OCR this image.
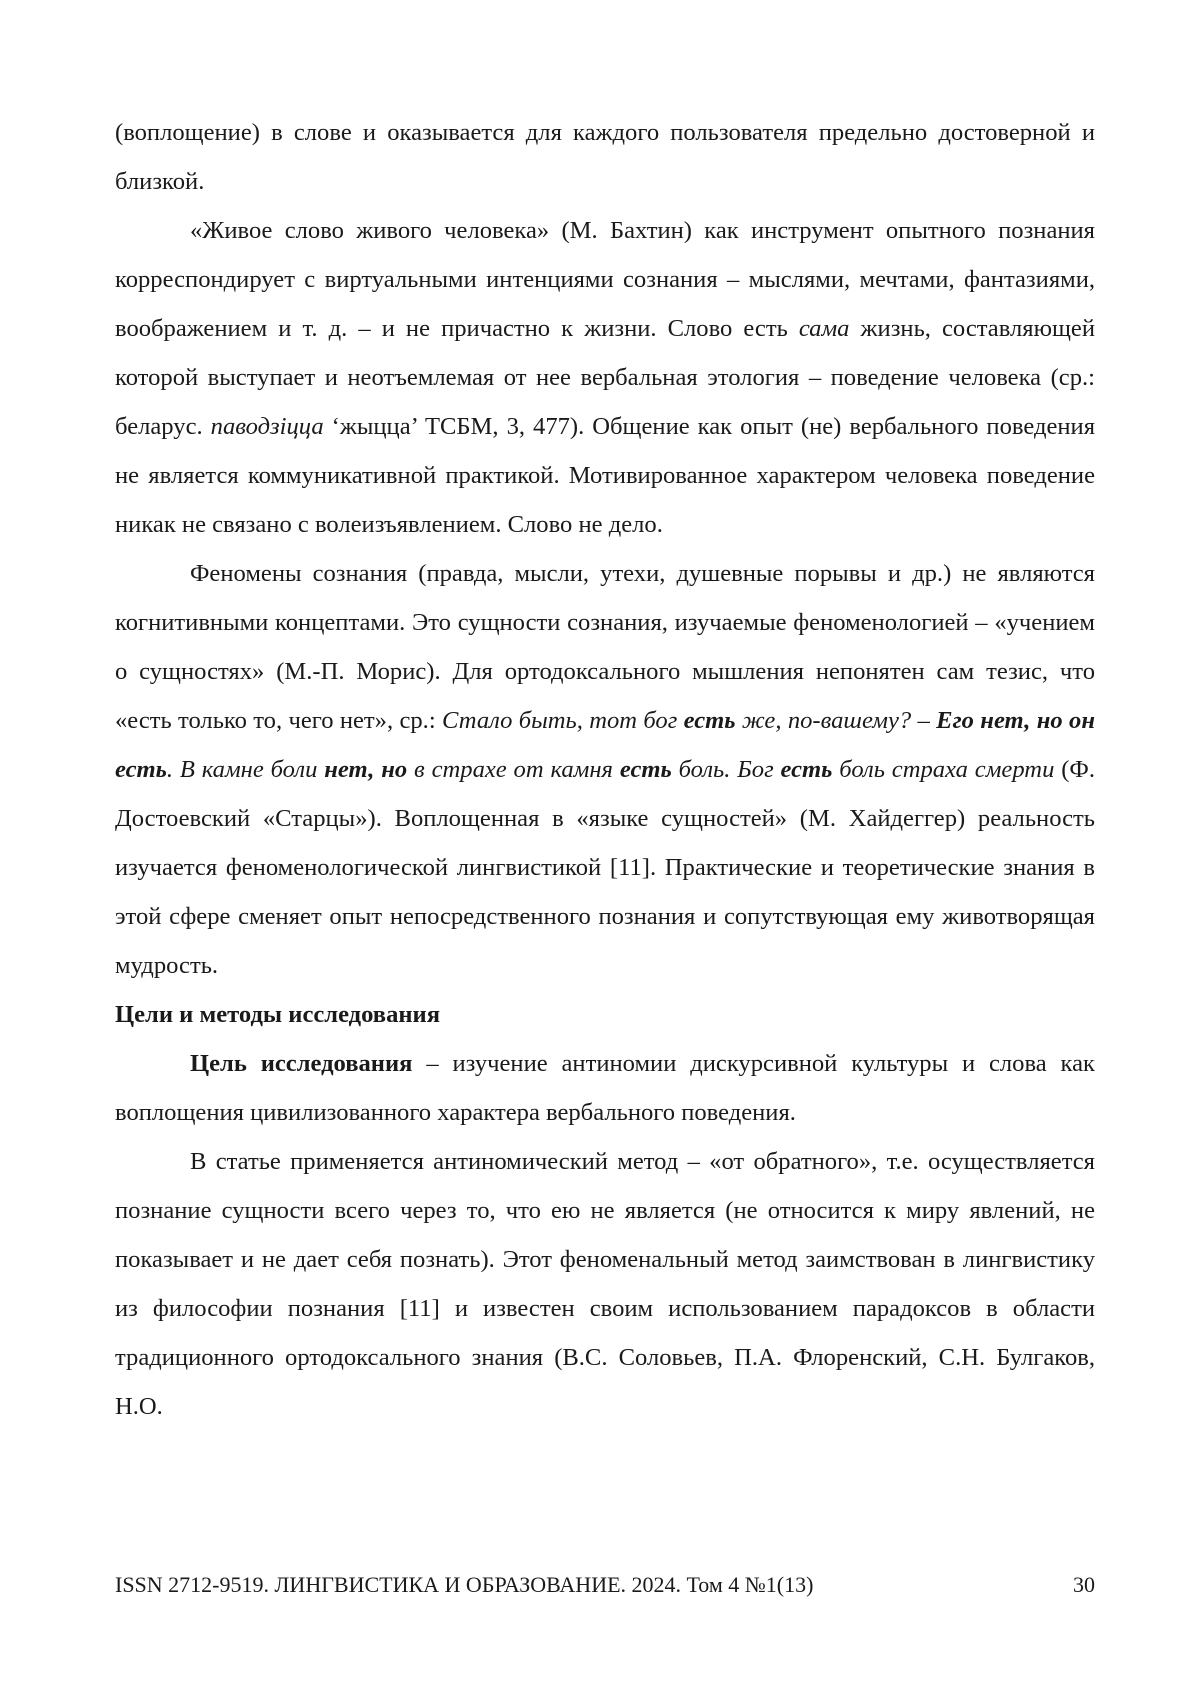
(воплощение) в слове и оказывается для каждого пользователя предельно достоверной и близкой.

«Живое слово живого человека» (М. Бахтин) как инструмент опытного познания корреспондирует с виртуальными интенциями сознания – мыслями, мечтами, фантазиями, воображением и т. д. – и не причастно к жизни. Слово есть сама жизнь, составляющей которой выступает и неотъемлемая от нее вербальная этология – поведение человека (ср.: беларус. паводзіцца ‘жыцца’ ТСБМ, 3, 477). Общение как опыт (не) вербального поведения не является коммуникативной практикой. Мотивированное характером человека поведение никак не связано с волеизъявлением. Слово не дело.

Феномены сознания (правда, мысли, утехи, душевные порывы и др.) не являются когнитивными концептами. Это сущности сознания, изучаемые феноменологией – «учением о сущностях» (М.-П. Морис). Для ортодоксального мышления непонятен сам тезис, что «есть только то, чего нет», ср.: Стало быть, тот бог есть же, по-вашему? – Его нет, но он есть. В камне боли нет, но в страхе от камня есть боль. Бог есть боль страха смерти (Ф. Достоевский «Старцы»). Воплощенная в «языке сущностей» (М. Хайдеггер) реальность изучается феноменологической лингвистикой [11]. Практические и теоретические знания в этой сфере сменяет опыт непосредственного познания и сопутствующая ему животворящая мудрость.

Цели и методы исследования

Цель исследования – изучение антиномии дискурсивной культуры и слова как воплощения цивилизованного характера вербального поведения.

В статье применяется антиномический метод – «от обратного», т.е. осуществляется познание сущности всего через то, что ею не является (не относится к миру явлений, не показывает и не дает себя познать). Этот феноменальный метод заимствован в лингвистику из философии познания [11] и известен своим использованием парадоксов в области традиционного ортодоксального знания (В.С. Соловьев, П.А. Флоренский, С.Н. Булгаков, Н.О.

ISSN 2712-9519. ЛИНГВИСТИКА И ОБРАЗОВАНИЕ. 2024. Том 4 №1(13)	30
